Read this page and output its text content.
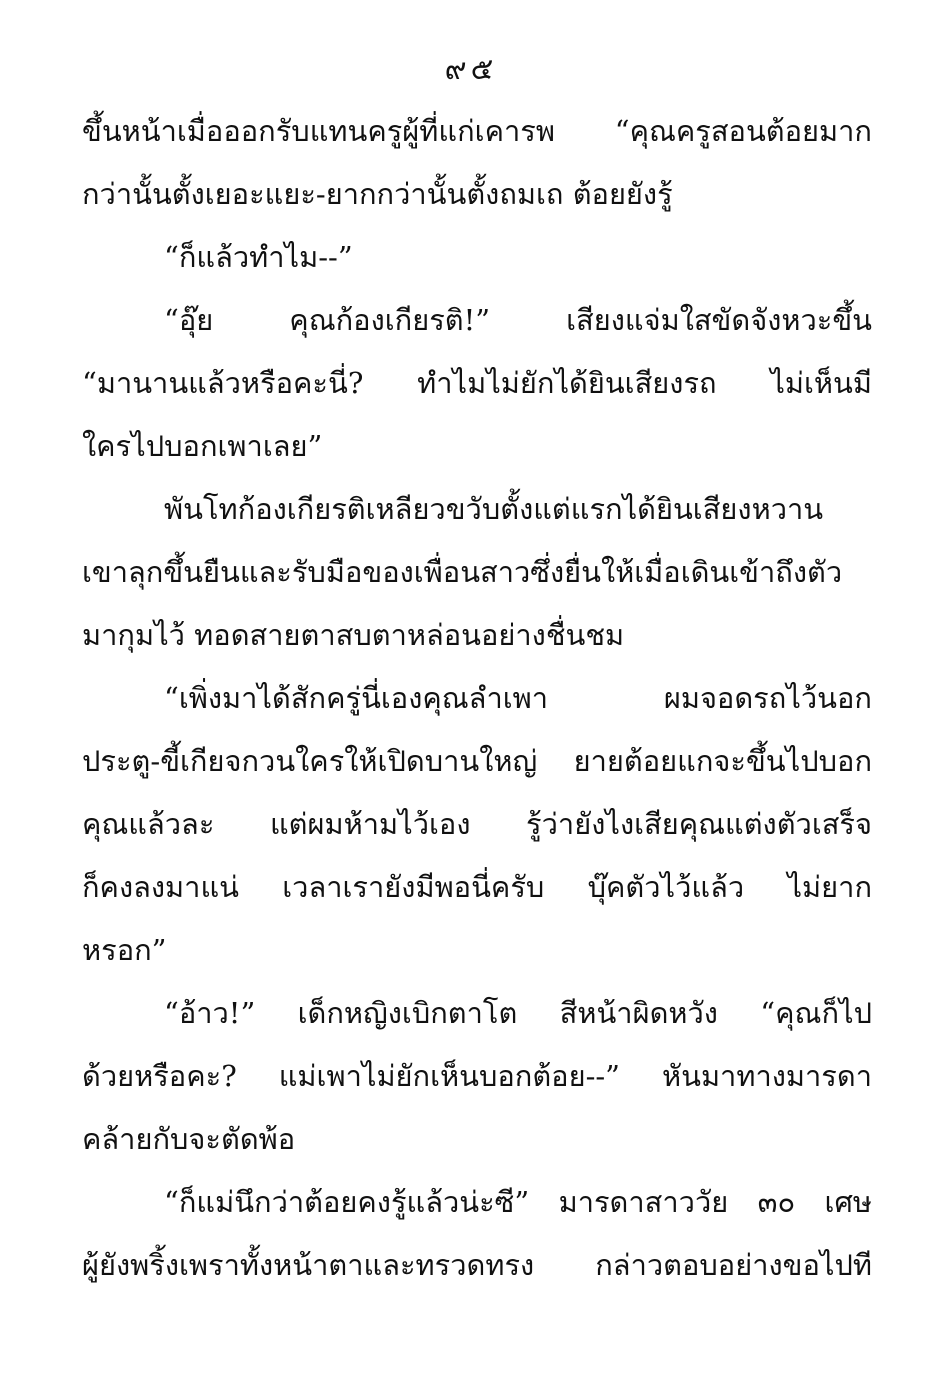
๙๕
ขึ้นหน้าเมื่อออกรับแทนครูผู้ที่แก่เคารพ “คุณครูสอนต้อยมาก
กว่านั้นตั้งเยอะแยะ-ยากกว่านั้นตั้งถมเถ ต้อยยังรู้
“ก็แล้วทำไม--”
“อุ๊ย คุณก้องเกียรติ!” เสียงแจ่มใสขัดจังหวะขึ้น
“มานานแล้วหรือคะนี่? ทำไมไม่ยักได้ยินเสียงรถ ไม่เห็นมี
ใครไปบอกเพาเลย”
พันโทก้องเกียรติเหลียวขวับตั้งแต่แรกได้ยินเสียงหวาน
เขาลุกขึ้นยืนและรับมือของเพื่อนสาวซึ่งยื่นให้เมื่อเดินเข้าถึงตัว
มากุมไว้ ทอดสายตาสบตาหล่อนอย่างชื่นชม
“เพิ่งมาได้สักครู่นี่เองคุณลำเพา ผมจอดรถไว้นอก
ประตู-ขี้เกียจกวนใครให้เปิดบานใหญ่ ยายต้อยแกจะขึ้นไปบอก
คุณแล้วละ แต่ผมห้ามไว้เอง รู้ว่ายังไงเสียคุณแต่งตัวเสร็จ
ก็คงลงมาแน่ เวลาเรายังมีพอนี่ครับ บุ๊คตัวไว้แล้ว ไม่ยาก
หรอก”
“อ้าว!” เด็กหญิงเบิกตาโต สีหน้าผิดหวัง “คุณก็ไป
ด้วยหรือคะ? แม่เพาไม่ยักเห็นบอกต้อย--” หันมาทางมารดา
คล้ายกับจะตัดพ้อ
“ก็แม่นึกว่าต้อยคงรู้แล้วน่ะซี” มารดาสาววัย ๓๐ เศษ
ผู้ยังพริ้งเพราทั้งหน้าตาและทรวดทรง กล่าวตอบอย่างขอไปที
